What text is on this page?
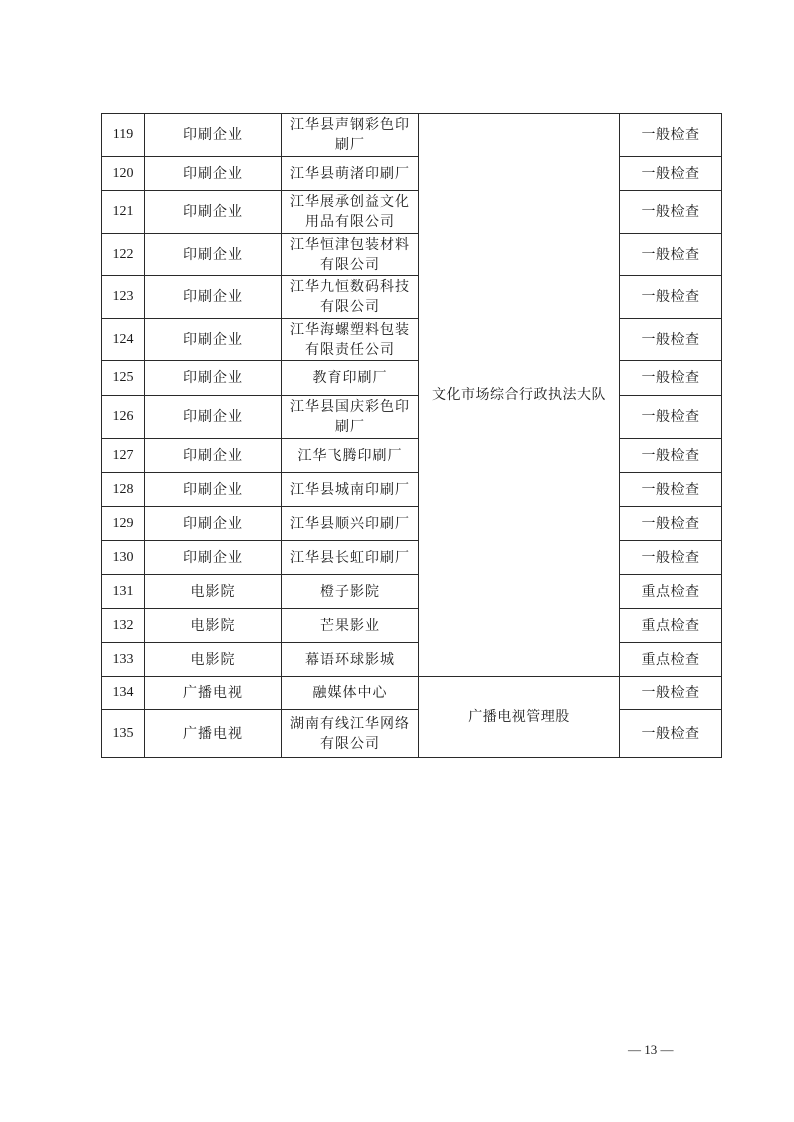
119	印刷企业	江华县声钢彩色印刷厂	文化市场综合行政执法大队	一般检查
120	印刷企业	江华县萌渚印刷厂		一般检查
121	印刷企业	江华展承创益文化用品有限公司		一般检查
122	印刷企业	江华恒津包装材料有限公司		一般检查
123	印刷企业	江华九恒数码科技有限公司		一般检查
124	印刷企业	江华海螺塑料包装有限责任公司		一般检查
125	印刷企业	教育印刷厂		一般检查
126	印刷企业	江华县国庆彩色印刷厂		一般检查
127	印刷企业	江华飞腾印刷厂		一般检查
128	印刷企业	江华县城南印刷厂		一般检查
129	印刷企业	江华县顺兴印刷厂		一般检查
130	印刷企业	江华县长虹印刷厂		一般检查
131	电影院	橙子影院		重点检查
132	电影院	芒果影业		重点检查
133	电影院	幕语环球影城		重点检查
134	广播电视	融媒体中心	广播电视管理股	一般检查
135	广播电视	湖南有线江华网络有限公司		一般检查
— 13 —
